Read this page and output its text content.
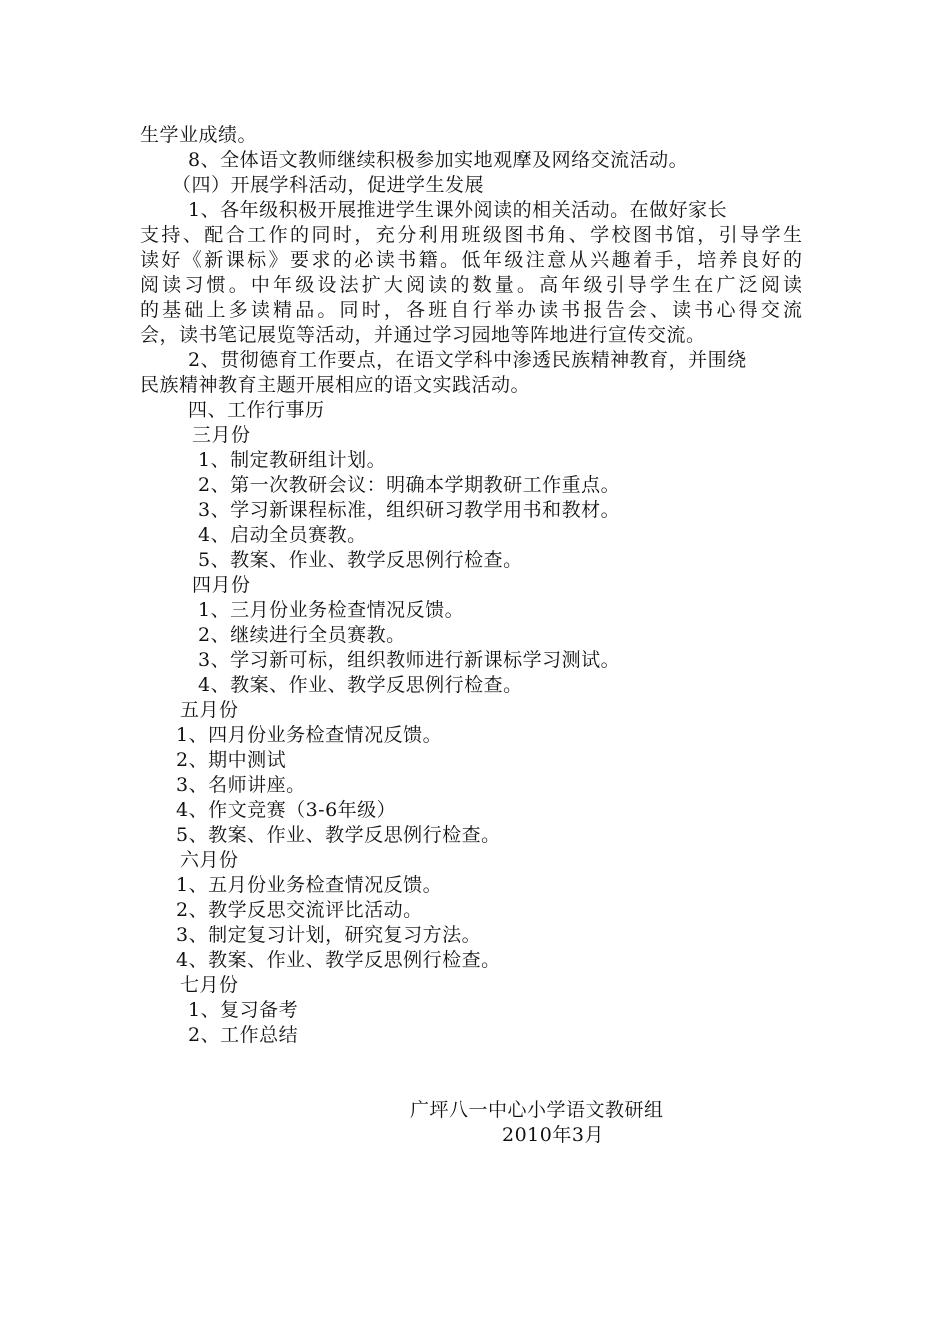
生学业成绩。
8、全体语文教师继续积极参加实地观摩及网络交流活动。
（四）开展学科活动，促进学生发展
1、各年级积极开展推进学生课外阅读的相关活动。在做好家长
支持、配合工作的同时，充分利用班级图书角、学校图书馆，引导学生
读好《新课标》要求的必读书籍。低年级注意从兴趣着手，培养良好的
阅读习惯。中年级设法扩大阅读的数量。高年级引导学生在广泛阅读
的基础上多读精品。同时，各班自行举办读书报告会、读书心得交流
会，读书笔记展览等活动，并通过学习园地等阵地进行宣传交流。
2、贯彻德育工作要点，在语文学科中渗透民族精神教育，并围绕
民族精神教育主题开展相应的语文实践活动。
四、工作行事历
三月份
1、制定教研组计划。
2、第一次教研会议：明确本学期教研工作重点。
3、学习新课程标准，组织研习教学用书和教材。
4、启动全员赛教。
5、教案、作业、教学反思例行检查。
四月份
1、三月份业务检查情况反馈。
2、继续进行全员赛教。
3、学习新可标，组织教师进行新课标学习测试。
4、教案、作业、教学反思例行检查。
五月份
1、四月份业务检查情况反馈。
2、期中测试
3、名师讲座。
4、作文竞赛（3-6年级）
5、教案、作业、教学反思例行检查。
六月份
1、五月份业务检查情况反馈。
2、教学反思交流评比活动。
3、制定复习计划，研究复习方法。
4、教案、作业、教学反思例行检查。
七月份
1、复习备考
2、工作总结
广坪八一中心小学语文教研组
2010年3月
